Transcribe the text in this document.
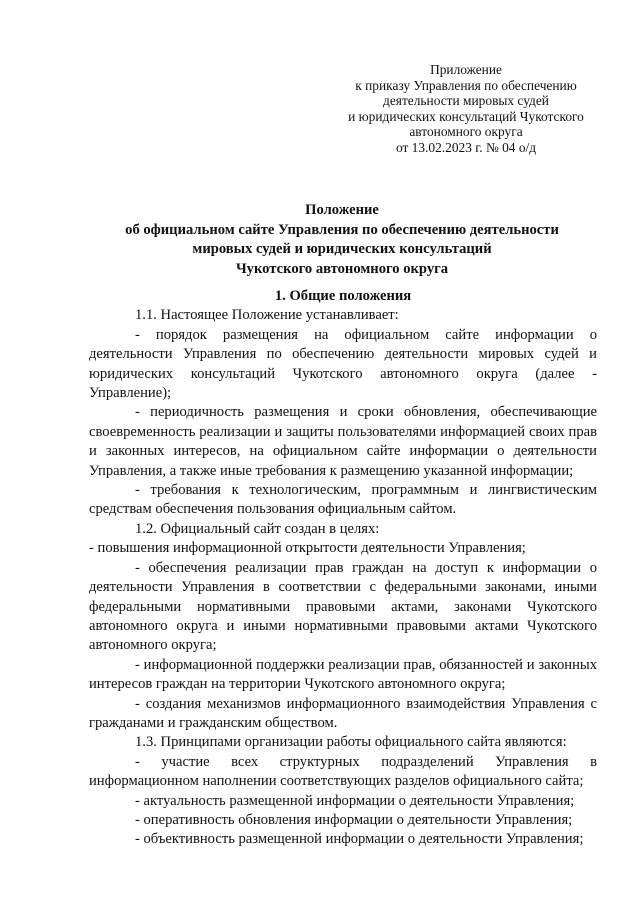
Приложение
к приказу Управления по обеспечению
деятельности мировых судей
и юридических консультаций Чукотского
автономного округа
от 13.02.2023 г. № 04 о/д
Положение
об официальном сайте Управления по обеспечению деятельности
мировых судей и юридических консультаций
Чукотского автономного округа
1. Общие положения
1.1. Настоящее Положение устанавливает:
- порядок размещения на официальном сайте информации о деятельности Управления по обеспечению деятельности мировых судей и юридических консультаций Чукотского автономного округа (далее - Управление);
- периодичность размещения и сроки обновления, обеспечивающие своевременность реализации и защиты пользователями информацией своих прав и законных интересов, на официальном сайте информации о деятельности Управления, а также иные требования к размещению указанной информации;
- требования к технологическим, программным и лингвистическим средствам обеспечения пользования официальным сайтом.
1.2. Официальный сайт создан в целях:
- повышения информационной открытости деятельности Управления;
- обеспечения реализации прав граждан на доступ к информации о деятельности Управления в соответствии с федеральными законами, иными федеральными нормативными правовыми актами, законами Чукотского автономного округа и иными нормативными правовыми актами Чукотского автономного округа;
- информационной поддержки реализации прав, обязанностей и законных интересов граждан на территории Чукотского автономного округа;
- создания механизмов информационного взаимодействия Управления с гражданами и гражданским обществом.
1.3. Принципами организации работы официального сайта являются:
- участие всех структурных подразделений Управления в информационном наполнении соответствующих разделов официального сайта;
- актуальность размещенной информации о деятельности Управления;
- оперативность обновления информации о деятельности Управления;
- объективность размещенной информации о деятельности Управления;
